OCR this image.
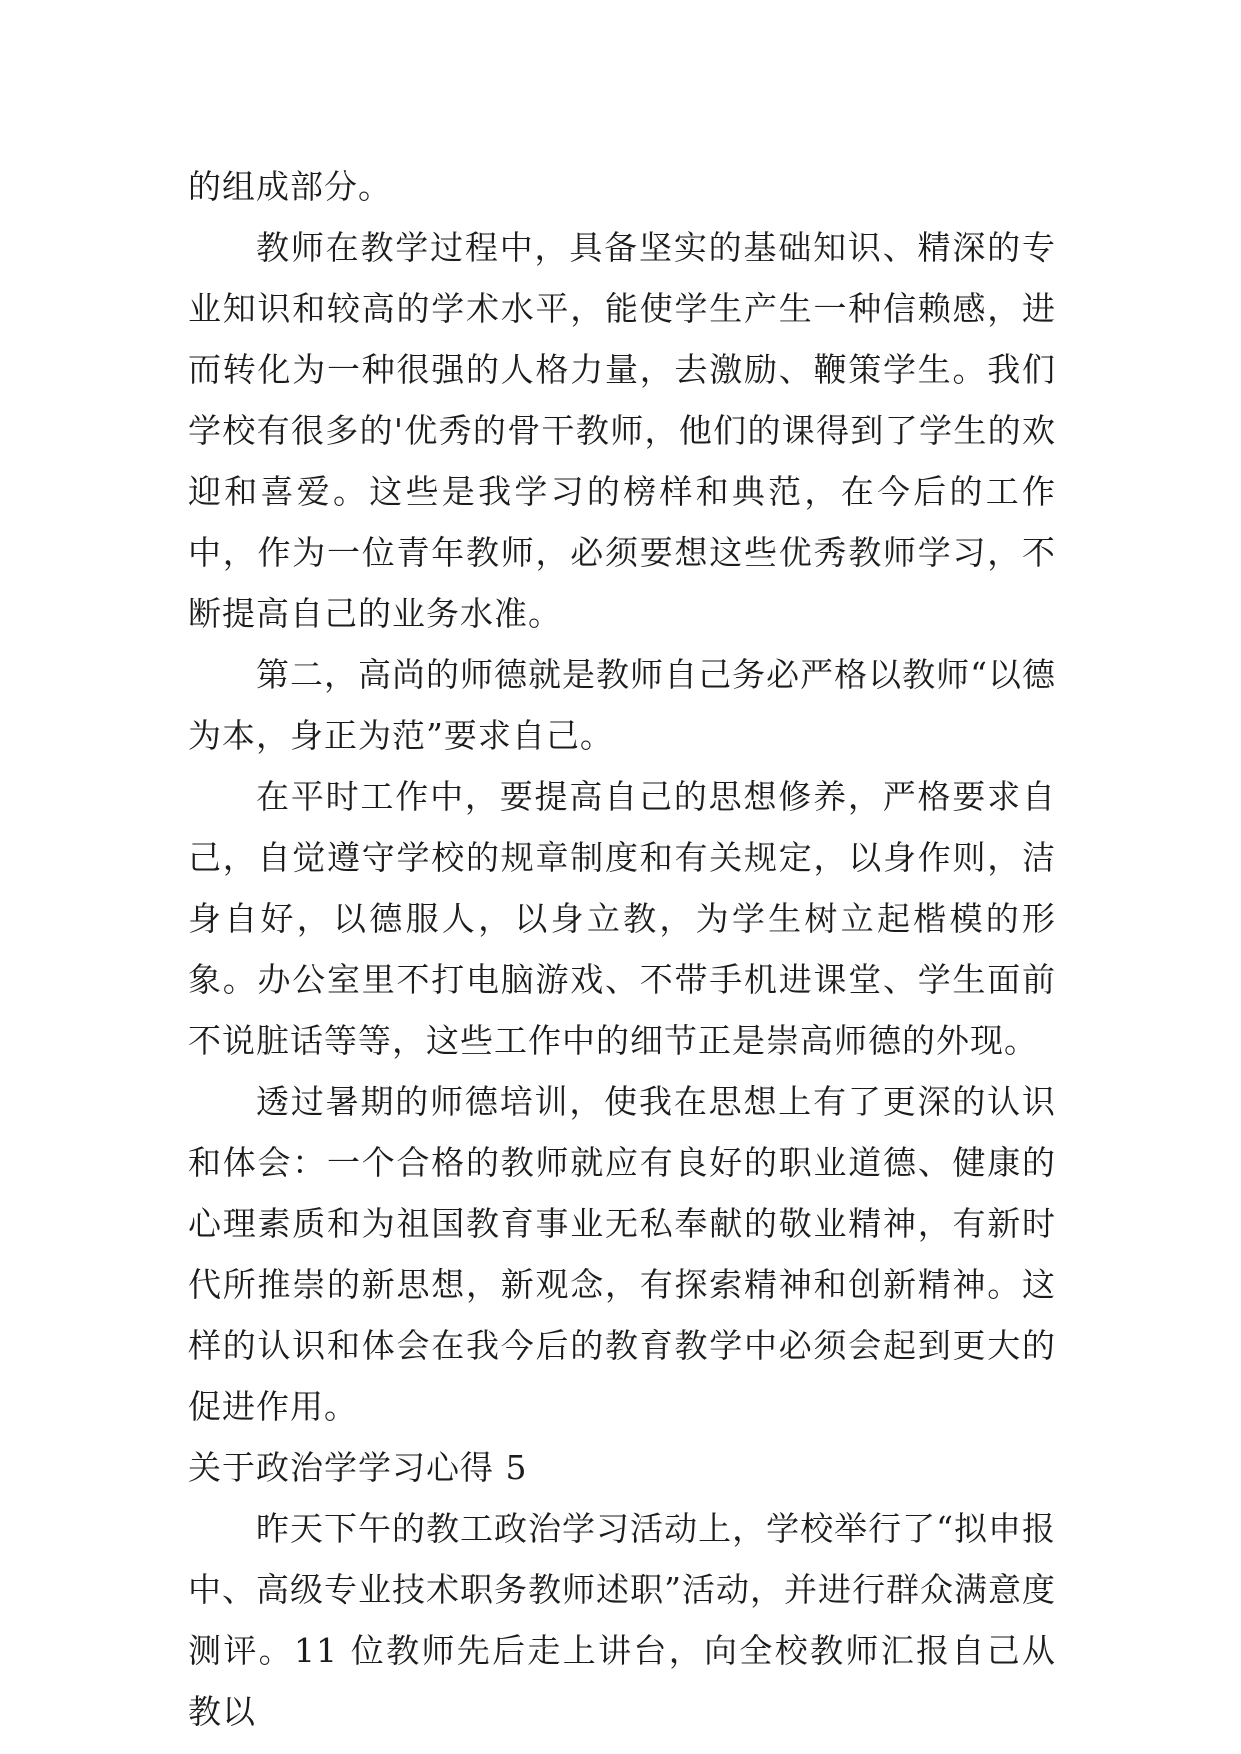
的组成部分。

教师在教学过程中，具备坚实的基础知识、精深的专业知识和较高的学术水平，能使学生产生一种信赖感，进而转化为一种很强的人格力量，去激励、鞭策学生。我们学校有很多的'优秀的骨干教师，他们的课得到了学生的欢迎和喜爱。这些是我学习的榜样和典范，在今后的工作中，作为一位青年教师，必须要想这些优秀教师学习，不断提高自己的业务水准。

第二，高尚的师德就是教师自己务必严格以教师“以德为本，身正为范”要求自己。

在平时工作中，要提高自己的思想修养，严格要求自己，自觉遵守学校的规章制度和有关规定，以身作则，洁身自好，以德服人，以身立教，为学生树立起楷模的形象。办公室里不打电脑游戏、不带手机进课堂、学生面前不说脏话等等，这些工作中的细节正是崇高师德的外现。

透过暑期的师德培训，使我在思想上有了更深的认识和体会：一个合格的教师就应有良好的职业道德、健康的心理素质和为祖国教育事业无私奉献的敬业精神，有新时代所推崇的新思想，新观念，有探索精神和创新精神。这样的认识和体会在我今后的教育教学中必须会起到更大的促进作用。

关于政治学学习心得 5

昨天下午的教工政治学习活动上，学校举行了“拟申报中、高级专业技术职务教师述职”活动，并进行群众满意度测评。11 位教师先后走上讲台，向全校教师汇报自己从教以
